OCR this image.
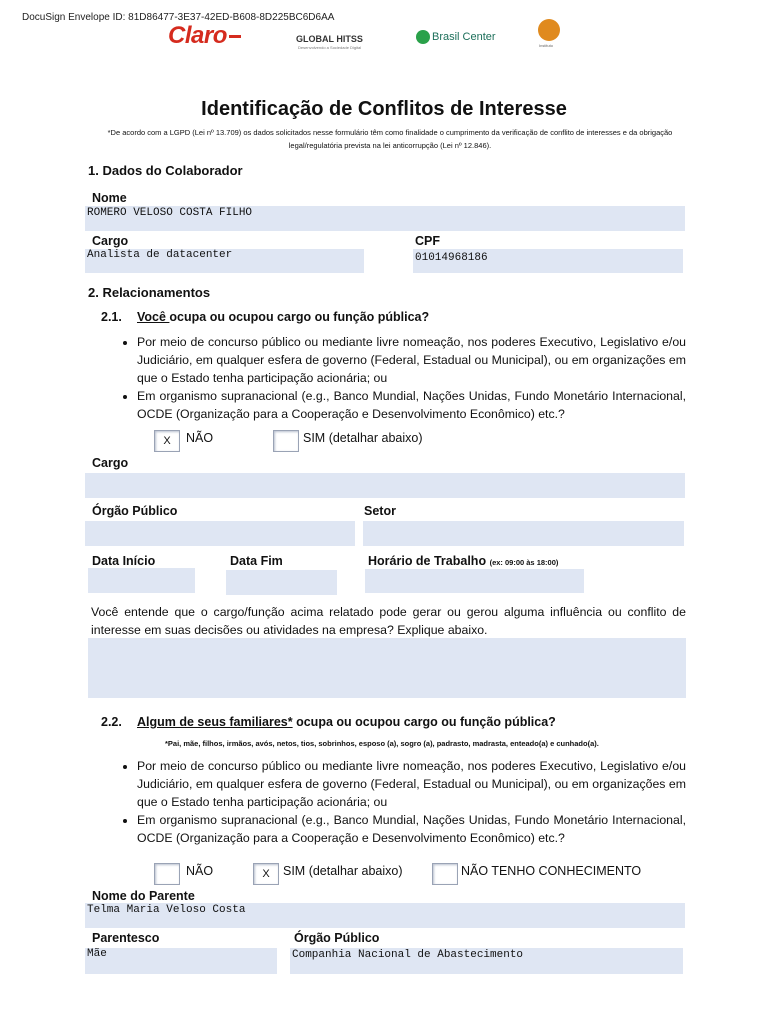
DocuSign Envelope ID: 81D86477-3E37-42ED-B608-8D225BC6D6AA
Claro	GLOBAL HITSS
Desenvolvendo a Sociedade Digital
Brasil Center
Instituto
Identificação de Conflitos de Interesse
*De acordo com a LGPD (Lei nº 13.709) os dados solicitados nesse formulário têm como finalidade o cumprimento da verificação de conflito de interesses e da obrigação legal/regulatória prevista na lei anticorrupção (Lei nº 12.846).
1. Dados do Colaborador
Nome
ROMERO VELOSO COSTA FILHO
Cargo
Analista de datacenter
CPF
01014968186
2. Relacionamentos
2.1. Você ocupa ou ocupou cargo ou função pública?
• Por meio de concurso público ou mediante livre nomeação, nos poderes Executivo, Legislativo e/ou Judiciário, em qualquer esfera de governo (Federal, Estadual ou Municipal), ou em organizações em que o Estado tenha participação acionária; ou
• Em organismo supranacional (e.g., Banco Mundial, Nações Unidas, Fundo Monetário Internacional, OCDE (Organização para a Cooperação e Desenvolvimento Econômico) etc.?
X	NÃO	SIM (detalhar abaixo)
Cargo
Órgão Público	Setor
Data Início	Data Fim	Horário de Trabalho (ex: 09:00 às 18:00)
Você entende que o cargo/função acima relatado pode gerar ou gerou alguma influência ou conflito de interesse em suas decisões ou atividades na empresa? Explique abaixo.
2.2. Algum de seus familiares* ocupa ou ocupou cargo ou função pública?
*Pai, mãe, filhos, irmãos, avós, netos, tios, sobrinhos, esposo (a), sogro (a), padrasto, madrasta, enteado(a) e cunhado(a).
• Por meio de concurso público ou mediante livre nomeação, nos poderes Executivo, Legislativo e/ou Judiciário, em qualquer esfera de governo (Federal, Estadual ou Municipal), ou em organizações em que o Estado tenha participação acionária; ou
• Em organismo supranacional (e.g., Banco Mundial, Nações Unidas, Fundo Monetário Internacional, OCDE (Organização para a Cooperação e Desenvolvimento Econômico) etc.?
NÃO	X	SIM (detalhar abaixo)	NÃO TENHO CONHECIMENTO
Nome do Parente
Telma Maria Veloso Costa
Parentesco
Mãe
Órgão Público
Companhia Nacional de Abastecimento
